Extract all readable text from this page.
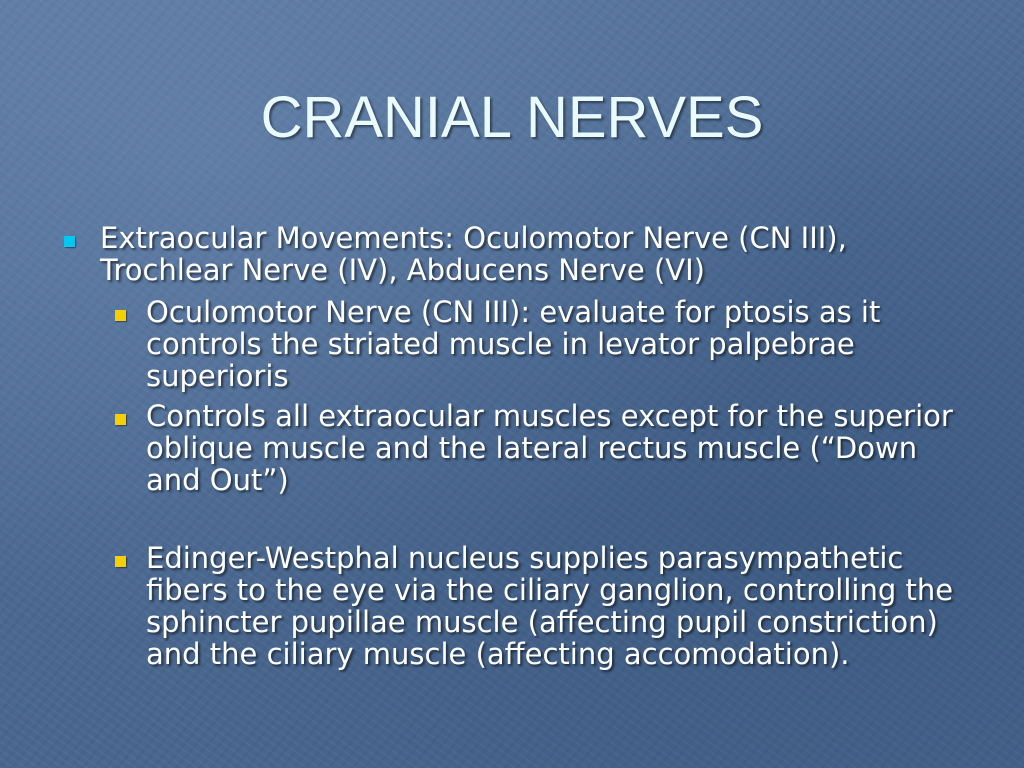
CRANIAL NERVES
Extraocular Movements: Oculomotor Nerve (CN III), Trochlear Nerve (IV), Abducens Nerve (VI)
Oculomotor Nerve (CN III): evaluate for ptosis as it controls the striated muscle in levator palpebrae superioris
Controls all extraocular muscles except for the superior oblique muscle and the lateral rectus muscle (“Down and Out”)
Edinger-Westphal nucleus supplies parasympathetic fibers to the eye via the ciliary ganglion, controlling the sphincter pupillae muscle (affecting pupil constriction) and the ciliary muscle (affecting accomodation).
